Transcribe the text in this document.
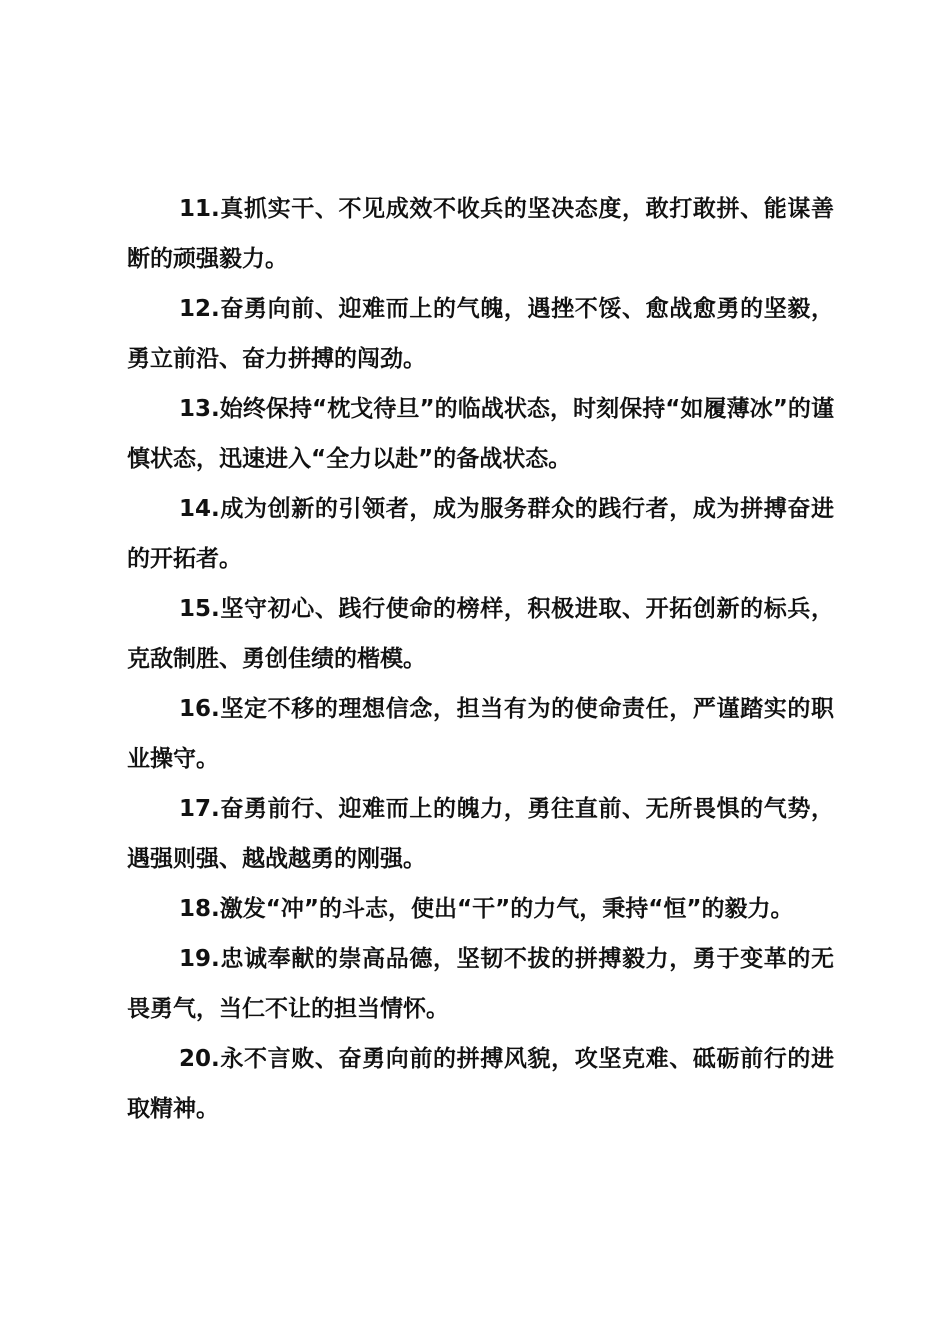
11.真抓实干、不见成效不收兵的坚决态度，敢打敢拼、能谋善断的顽强毅力。

12.奋勇向前、迎难而上的气魄，遇挫不馁、愈战愈勇的坚毅，勇立前沿、奋力拼搏的闯劲。

13.始终保持“枕戈待旦”的临战状态，时刻保持“如履薄冰”的谨慎状态，迅速进入“全力以赴”的备战状态。

14.成为创新的引领者，成为服务群众的践行者，成为拼搏奋进的开拓者。

15.坚守初心、践行使命的榜样，积极进取、开拓创新的标兵，克敌制胜、勇创佳绩的楷模。

16.坚定不移的理想信念，担当有为的使命责任，严谨踏实的职业操守。

17.奋勇前行、迎难而上的魄力，勇往直前、无所畏惧的气势，遇强则强、越战越勇的刚强。

18.激发“冲”的斗志，使出“干”的力气，秉持“恒”的毅力。

19.忠诚奉献的崇高品德，坚韧不拔的拼搏毅力，勇于变革的无畏勇气，当仁不让的担当情怀。

20.永不言败、奋勇向前的拼搏风貌，攻坚克难、砥砺前行的进取精神。
